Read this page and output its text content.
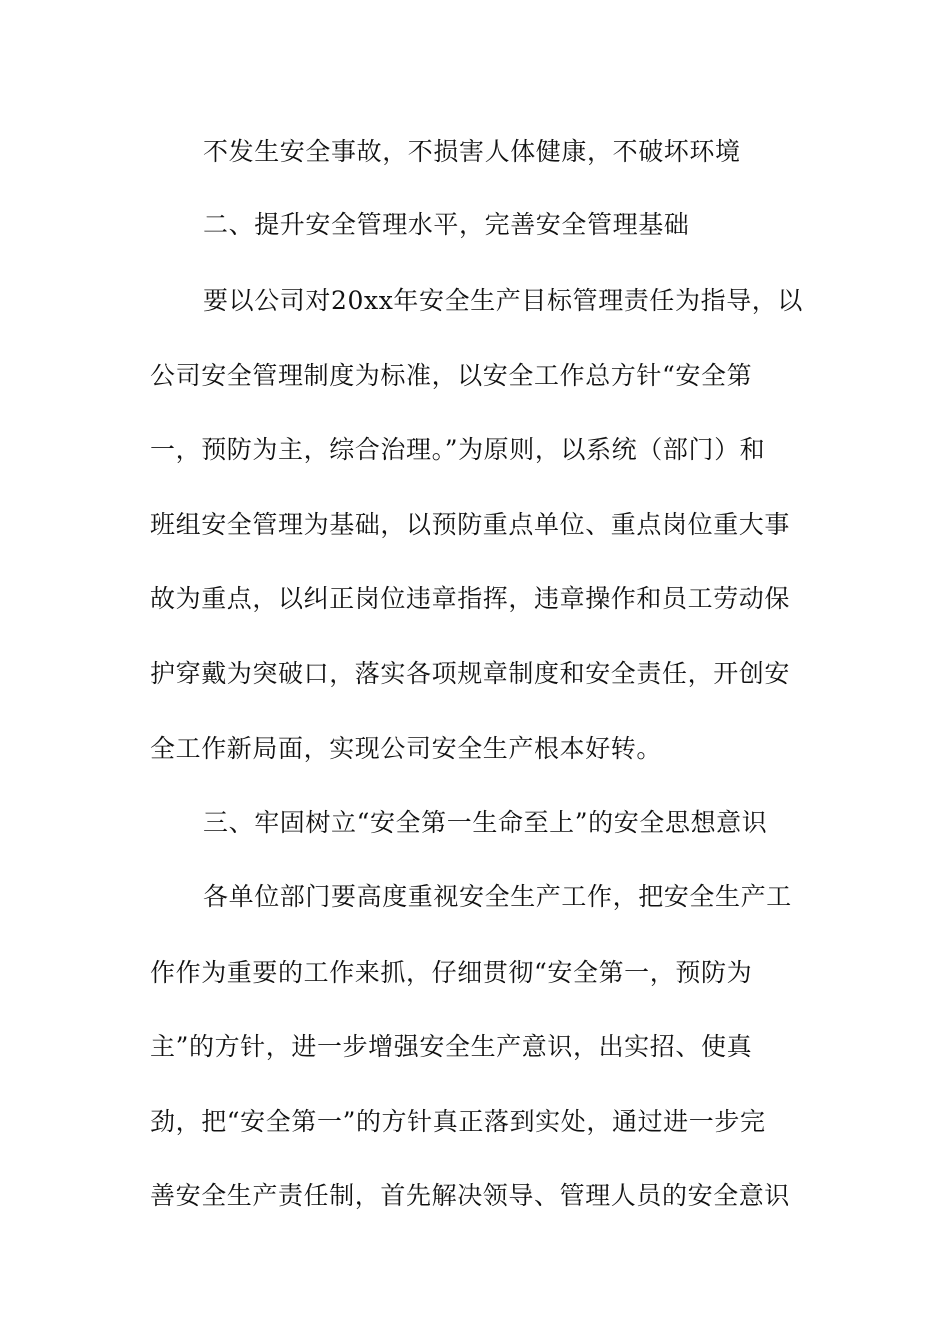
不发生安全事故，不损害人体健康，不破坏环境
二、提升安全管理水平，完善安全管理基础
要以公司对20xx年安全生产目标管理责任为指导，以
公司安全管理制度为标准，以安全工作总方针“安全第
一，预防为主，综合治理。”为原则，以系统（部门）和
班组安全管理为基础，以预防重点单位、重点岗位重大事
故为重点，以纠正岗位违章指挥，违章操作和员工劳动保
护穿戴为突破口，落实各项规章制度和安全责任，开创安
全工作新局面，实现公司安全生产根本好转。
三、牢固树立“安全第一生命至上”的安全思想意识
各单位部门要高度重视安全生产工作，把安全生产工
作作为重要的工作来抓，仔细贯彻“安全第一，预防为
主”的方针，进一步增强安全生产意识，出实招、使真
劲，把“安全第一”的方针真正落到实处，通过进一步完
善安全生产责任制，首先解决领导、管理人员的安全意识
